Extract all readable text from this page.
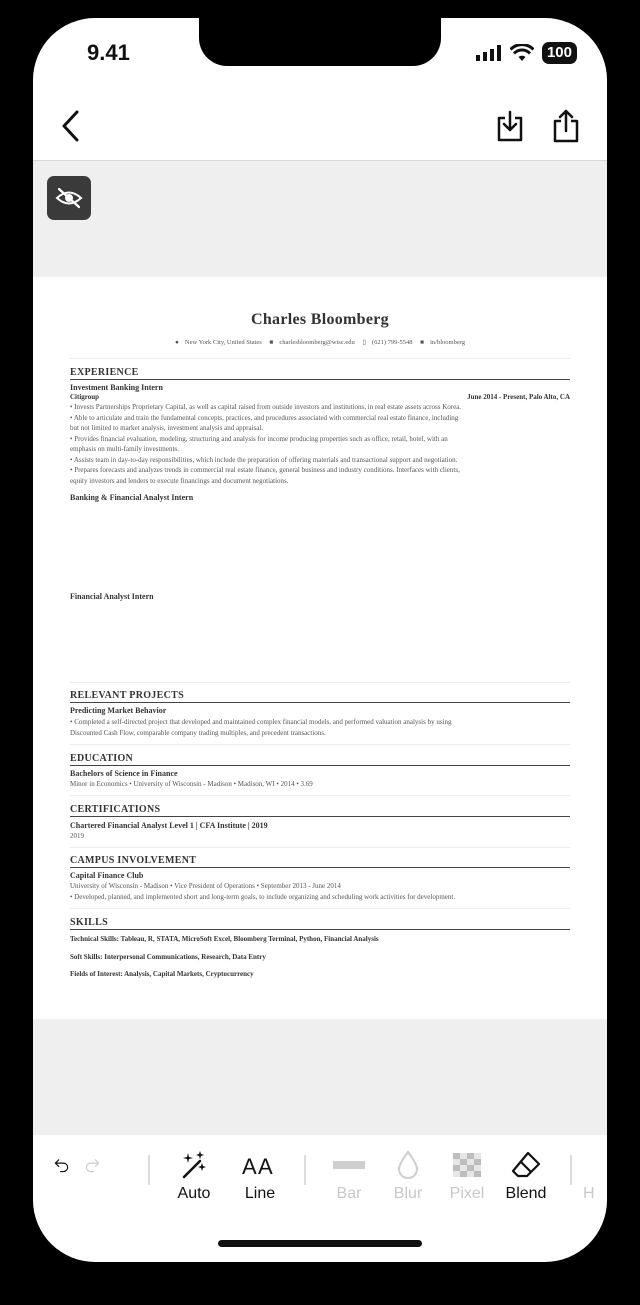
9.41	100
Charles Bloomberg
● New York City, United States ■ charlesbloomberg@wisc.edu ▯ (621) 799-5548 ■ in/bloomberg
EXPERIENCE
Investment Banking Intern
Citigroup	June 2014 - Present, Palo Alto, CA
• Invests Partnerships Proprietary Capital, as well as capital raised from outside investors and institutions, in real estate assets across Korea.
• Able to articulate and train the fundamental concepts, practices, and procedures associated with commercial real estate finance, including
but not limited to market analysis, investment analysis and appraisal.
• Provides financial evaluation, modeling, structuring and analysis for income producing properties such as office, retail, hotel, with an
emphasis on multi-family investments.
• Assists team in day-to-day responsibilities, which include the preparation of offering materials and transactional support and negotiation.
• Prepares forecasts and analyzes trends in commercial real estate finance, general business and industry conditions. Interfaces with clients,
equity investors and lenders to execute financings and document negotiations.
Banking & Financial Analyst Intern
Financial Analyst Intern
RELEVANT PROJECTS
Predicting Market Behavior
• Completed a self-directed project that developed and maintained complex financial models, and performed valuation analysis by using
Discounted Cash Flow, comparable company trading multiples, and precedent transactions.
EDUCATION
Bachelors of Science in Finance
Minor in Economics • University of Wisconsin - Madison • Madison, WI • 2014 • 3.69
CERTIFICATIONS
Chartered Financial Analyst Level 1 | CFA Institute | 2019
2019
CAMPUS INVOLVEMENT
Capital Finance Club
University of Wisconsin - Madison • Vice President of Operations • September 2013 - June 2014
• Developed, planned, and implemented short and long-term goals, to include organizing and scheduling work activities for development.
SKILLS
Technical Skills: Tableau, R, STATA, MicroSoft Excel, Bloomberg Terminal, Python, Financial Analysis
Soft Skills: Interpersonal Communications, Research, Data Entry
Fields of Interest: Analysis, Capital Markets, Cryptocurrency
Auto
A A
Line	Bar	Blur	Pixel	Blend	H
